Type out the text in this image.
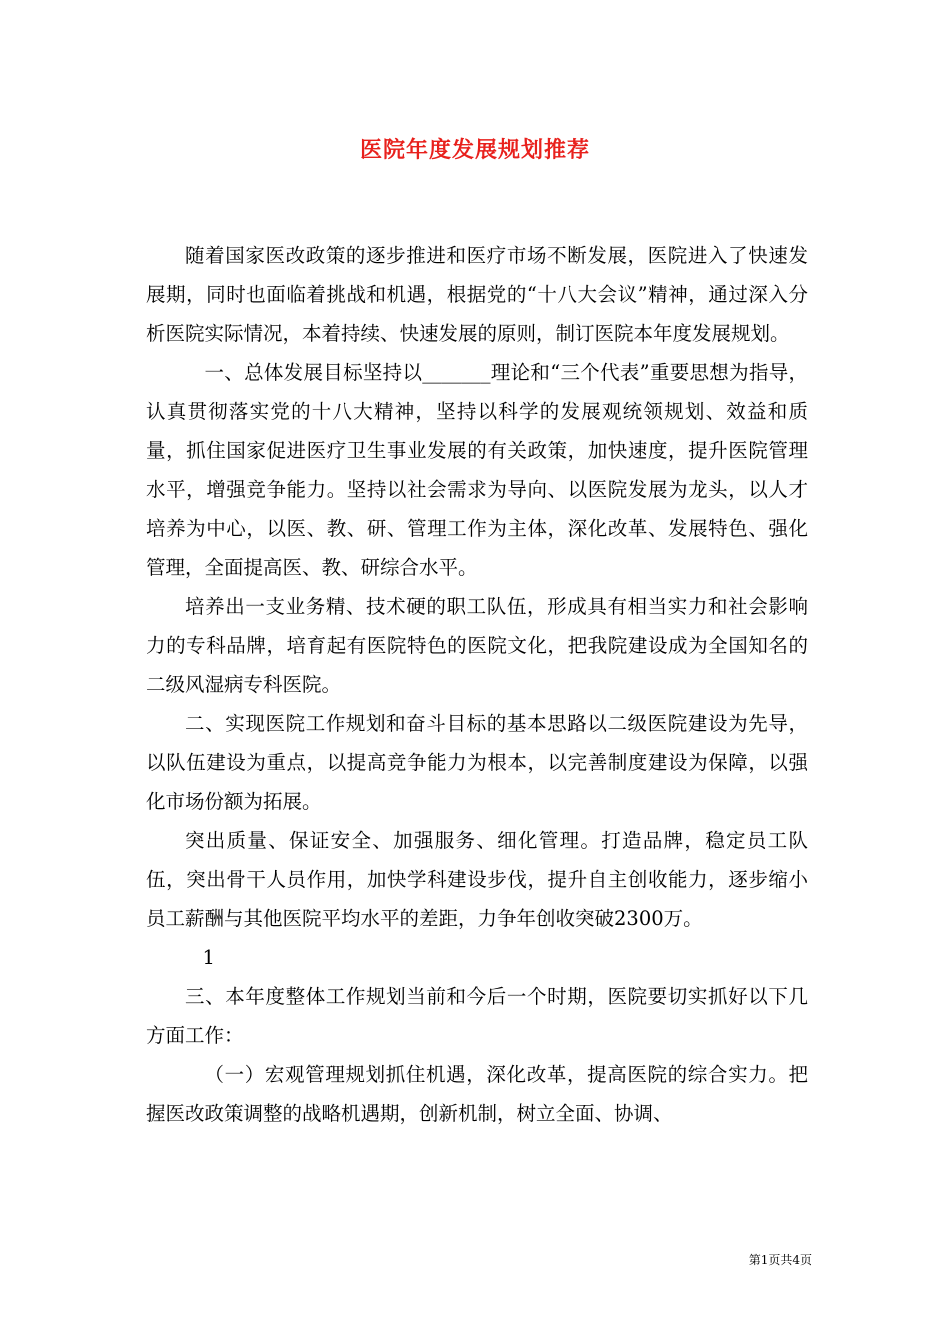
医院年度发展规划推荐

随着国家医改政策的逐步推进和医疗市场不断发展，医院进入了快速发展期，同时也面临着挑战和机遇，根据党的“十八大会议”精神，通过深入分析医院实际情况，本着持续、快速发展的原则，制订医院本年度发展规划。

一、总体发展目标坚持以_______理论和“三个代表”重要思想为指导，认真贯彻落实党的十八大精神，坚持以科学的发展观统领规划、效益和质量，抓住国家促进医疗卫生事业发展的有关政策，加快速度，提升医院管理水平，增强竞争能力。坚持以社会需求为导向、以医院发展为龙头，以人才培养为中心，以医、教、研、管理工作为主体，深化改革、发展特色、强化管理，全面提高医、教、研综合水平。

培养出一支业务精、技术硬的职工队伍，形成具有相当实力和社会影响力的专科品牌，培育起有医院特色的医院文化，把我院建设成为全国知名的二级风湿病专科医院。

二、实现医院工作规划和奋斗目标的基本思路以二级医院建设为先导，以队伍建设为重点，以提高竞争能力为根本，以完善制度建设为保障，以强化市场份额为拓展。

突出质量、保证安全、加强服务、细化管理。打造品牌，稳定员工队伍，突出骨干人员作用，加快学科建设步伐，提升自主创收能力，逐步缩小员工薪酬与其他医院平均水平的差距，力争年创收突破2300万。

1

三、本年度整体工作规划当前和今后一个时期，医院要切实抓好以下几方面工作：

（一）宏观管理规划抓住机遇，深化改革，提高医院的综合实力。把握医改政策调整的战略机遇期，创新机制，树立全面、协调、

第1页共4页
